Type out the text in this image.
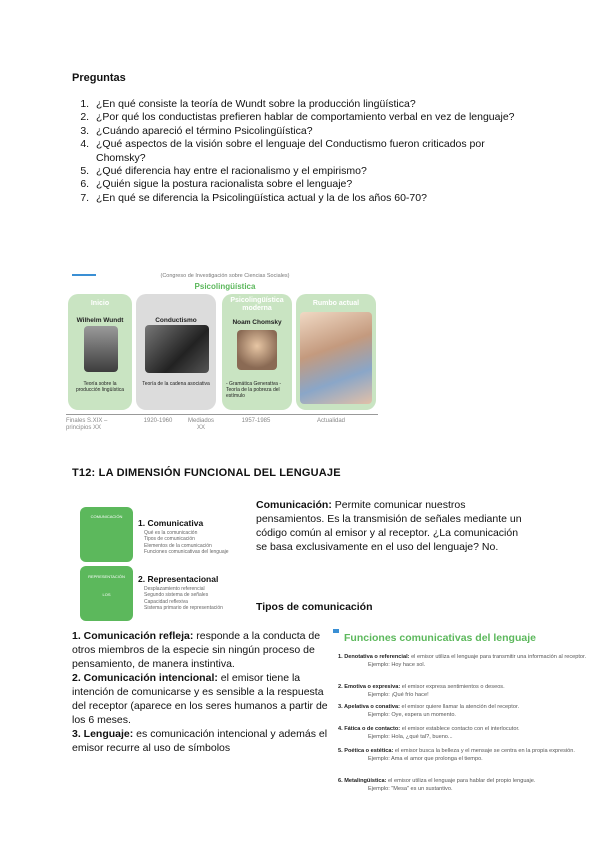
Preguntas
1. ¿En qué consiste la teoría de Wundt sobre la producción lingüística?
2. ¿Por qué los conductistas prefieren hablar de comportamiento verbal en vez de lenguaje?
3. ¿Cuándo apareció el término Psicolingüística?
4. ¿Qué aspectos de la visión sobre el lenguaje del Conductismo fueron criticados por Chomsky?
5. ¿Qué diferencia hay entre el racionalismo y el empirismo?
6. ¿Quién sigue la postura racionalista sobre el lenguaje?
7. ¿En qué se diferencia la Psicolingüística actual y la de los años 60-70?
(Congreso de Investigación sobre Ciencias Sociales)
Psicolingüística
Inicio	Psicolingüística moderna
Rumbo actual
Wilhelm Wundt	Conductismo	Noam Chomsky
Teoría sobre la producción lingüística
Teoría de la cadena asociativa	- Gramática Generativa - Teoría de la pobreza del estímulo
Finales S.XIX – principios XX
1920-1960	Mediados XX
1957-1985	Actualidad
T12: LA DIMENSIÓN FUNCIONAL DEL LENGUAJE
COMUNICACIÓN
REPRESENTACIÓN
LOS
1. Comunicativa
Qué es la comunicación
Tipos de comunicación
Elementos de la comunicación
Funciones comunicativas del lenguaje
2. Representacional
Desplazamiento referencial
Segundo sistema de señales
Capacidad reflexiva
Sistema primario de representación
Comunicación: Permite comunicar nuestros pensamientos. Es la transmisión de señales mediante un código común al emisor y al receptor. ¿La comunicación se basa exclusivamente en el uso del lenguaje? No.
Tipos de comunicación

1. Comunicación refleja: responde a la conducta de otros miembros de la especie sin ningún proceso de pensamiento, de manera instintiva.

2. Comunicación intencional: el emisor tiene la intención de comunicarse y es sensible a la respuesta del receptor (aparece en los seres humanos a partir de los 6 meses.

3. Lenguaje: es comunicación intencional y además el emisor recurre al uso de símbolos

Funciones comunicativas del lenguaje
1. Denotativa o referencial: el emisor utiliza el lenguaje para transmitir una información al receptor.
Ejemplo: Hoy hace sol.
2. Emotiva o expresiva: el emisor expresa sentimientos o deseos.
Ejemplo: ¡Qué frío hace!
3. Apelativa o conativa: el emisor quiere llamar la atención del receptor.
Ejemplo: Oye, espera un momento.
4. Fática o de contacto: el emisor establece contacto con el interlocutor.
Ejemplo: Hola, ¿qué tal?, bueno...
5. Poética o estética: el emisor busca la belleza y el mensaje se centra en la propia expresión.
Ejemplo: Ama el amor que prolonga el tiempo.
6. Metalingüística: el emisor utiliza el lenguaje para hablar del propio lenguaje.
Ejemplo: "Mesa" es un sustantivo.
